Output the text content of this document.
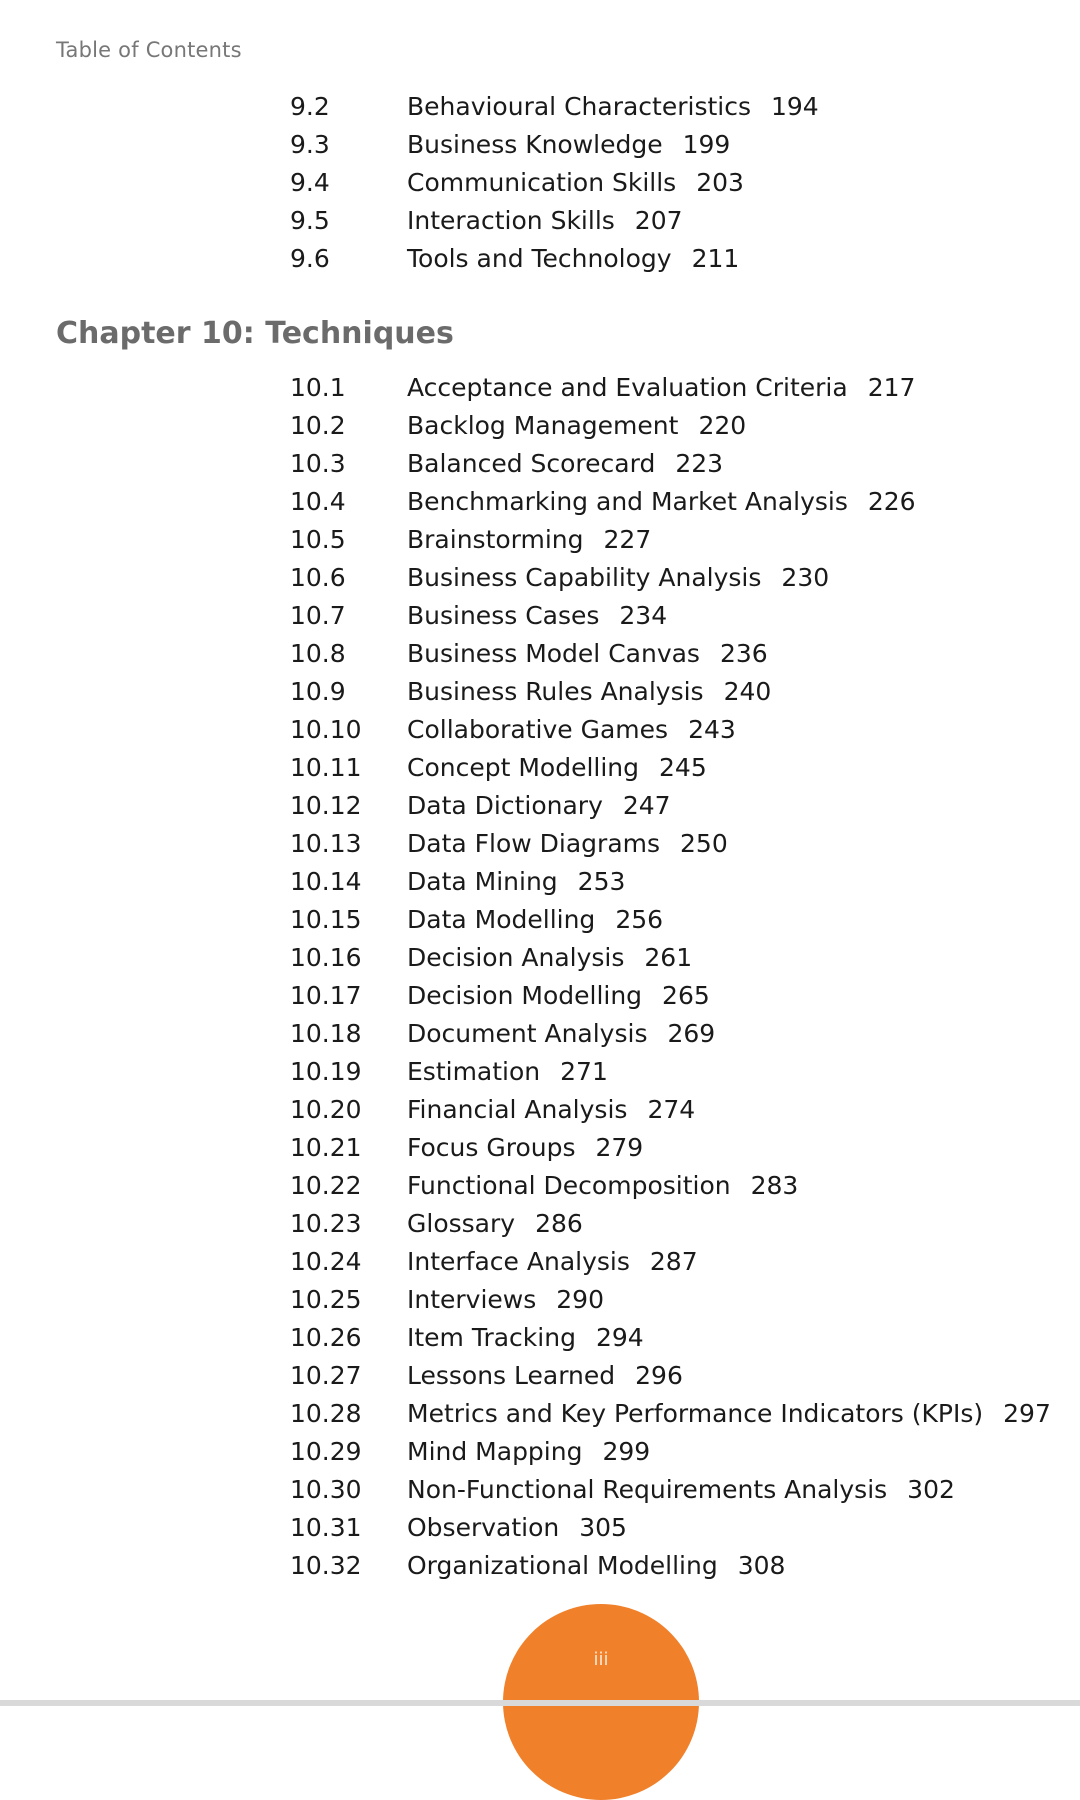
Table of Contents
9.2	Behavioural Characteristics 194
9.3	Business Knowledge 199
9.4	Communication Skills 203
9.5	Interaction Skills 207
9.6	Tools and Technology 211
Chapter 10: Techniques
10.1	Acceptance and Evaluation Criteria 217
10.2	Backlog Management 220
10.3	Balanced Scorecard 223
10.4	Benchmarking and Market Analysis 226
10.5	Brainstorming 227
10.6	Business Capability Analysis 230
10.7	Business Cases 234
10.8	Business Model Canvas 236
10.9	Business Rules Analysis 240
10.10	Collaborative Games 243
10.11	Concept Modelling 245
10.12	Data Dictionary 247
10.13	Data Flow Diagrams 250
10.14	Data Mining 253
10.15	Data Modelling 256
10.16	Decision Analysis 261
10.17	Decision Modelling 265
10.18	Document Analysis 269
10.19	Estimation 271
10.20	Financial Analysis 274
10.21	Focus Groups 279
10.22	Functional Decomposition 283
10.23	Glossary 286
10.24	Interface Analysis 287
10.25	Interviews 290
10.26	Item Tracking 294
10.27	Lessons Learned 296
10.28	Metrics and Key Performance Indicators (KPIs) 297
10.29	Mind Mapping 299
10.30	Non-Functional Requirements Analysis 302
10.31	Observation 305
10.32	Organizational Modelling 308
iii
